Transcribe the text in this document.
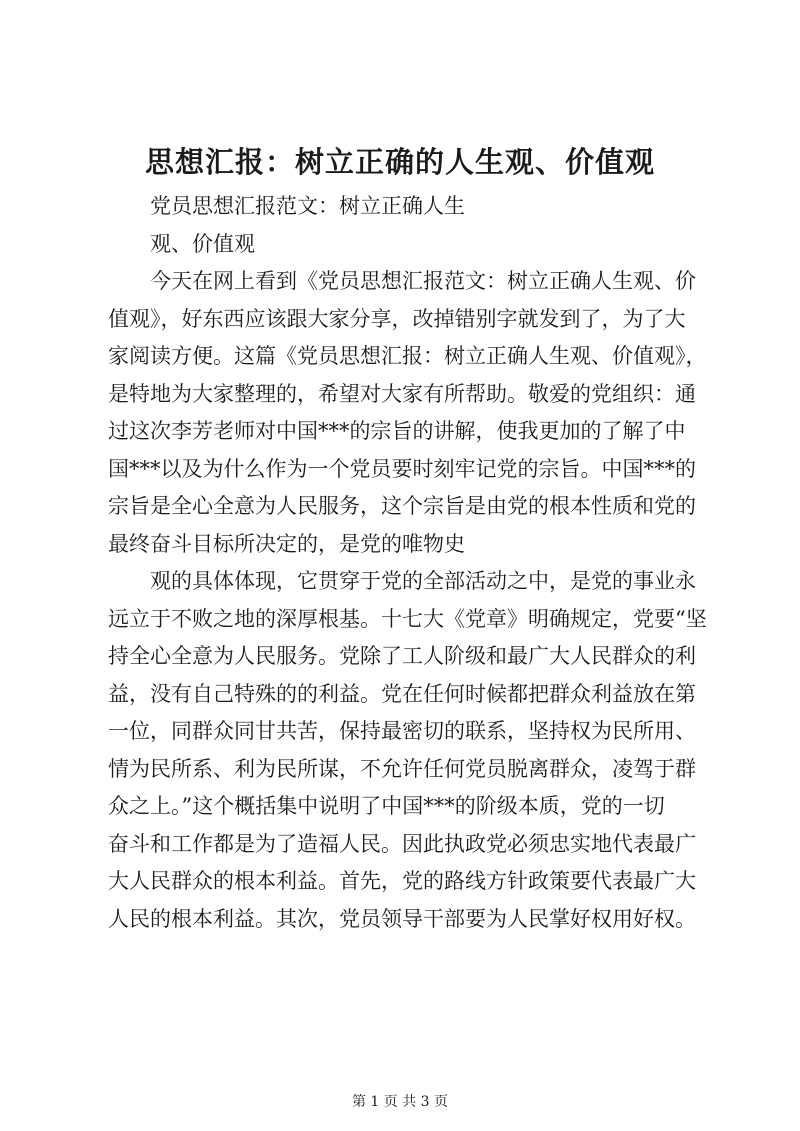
思想汇报：树立正确的人生观、价值观

党员思想汇报范文：树立正确人生

观、价值观

今天在网上看到《党员思想汇报范文：树立正确人生观、价
值观》，好东西应该跟大家分享，改掉错别字就发到了，为了大
家阅读方便。这篇《党员思想汇报：树立正确人生观、价值观》，
是特地为大家整理的，希望对大家有所帮助。敬爱的党组织：通
过这次李芳老师对中国***的宗旨的讲解，使我更加的了解了中
国***以及为什么作为一个党员要时刻牢记党的宗旨。中国***的
宗旨是全心全意为人民服务，这个宗旨是由党的根本性质和党的
最终奋斗目标所决定的，是党的唯物史

观的具体体现，它贯穿于党的全部活动之中，是党的事业永
远立于不败之地的深厚根基。十七大《党章》明确规定，党要“坚
持全心全意为人民服务。党除了工人阶级和最广大人民群众的利
益，没有自己特殊的的利益。党在任何时候都把群众利益放在第
一位，同群众同甘共苦，保持最密切的联系，坚持权为民所用、
情为民所系、利为民所谋，不允许任何党员脱离群众，凌驾于群
众之上。”这个概括集中说明了中国***的阶级本质，党的一切
奋斗和工作都是为了造福人民。因此执政党必须忠实地代表最广
大人民群众的根本利益。首先，党的路线方针政策要代表最广大
人民的根本利益。其次，党员领导干部要为人民掌好权用好权。

第 1 页 共 3 页
